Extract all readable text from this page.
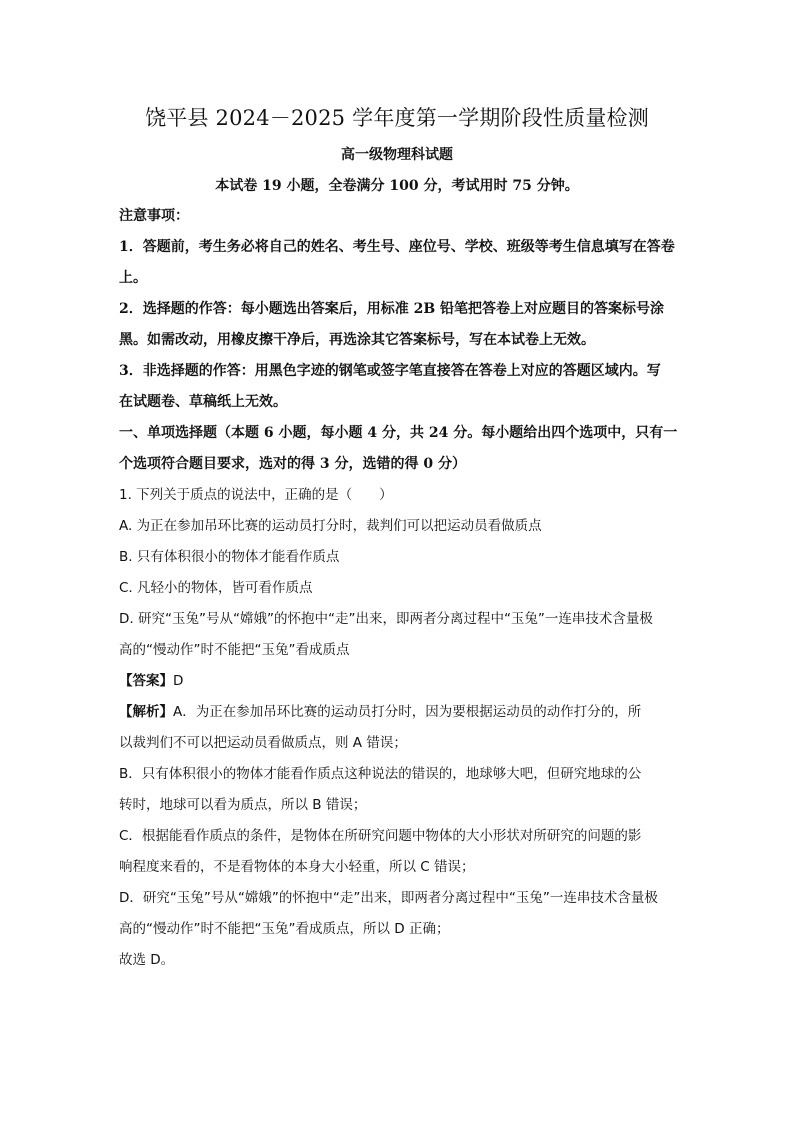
饶平县 2024－2025 学年度第一学期阶段性质量检测
高一级物理科试题
本试卷 19 小题，全卷满分 100 分，考试用时 75 分钟。
注意事项：
1．答题前，考生务必将自己的姓名、考生号、座位号、学校、班级等考生信息填写在答卷
上。
2．选择题的作答：每小题选出答案后，用标准 2B 铅笔把答卷上对应题目的答案标号涂
黑。如需改动，用橡皮擦干净后，再选涂其它答案标号，写在本试卷上无效。
3．非选择题的作答：用黑色字迹的钢笔或签字笔直接答在答卷上对应的答题区域内。写
在试题卷、草稿纸上无效。
一、单项选择题（本题 6 小题，每小题 4 分，共 24 分。每小题给出四个选项中，只有一
个选项符合题目要求，选对的得 3 分，选错的得 0 分）
1. 下列关于质点的说法中，正确的是（　　）
A. 为正在参加吊环比赛的运动员打分时，裁判们可以把运动员看做质点
B. 只有体积很小的物体才能看作质点
C. 凡轻小的物体，皆可看作质点
D. 研究“玉兔”号从“嫦娥”的怀抱中“走”出来，即两者分离过程中“玉兔”一连串技术含量极
高的“慢动作”时不能把“玉兔”看成质点
【答案】D
【解析】A．为正在参加吊环比赛的运动员打分时，因为要根据运动员的动作打分的，所
以裁判们不可以把运动员看做质点，则 A 错误；
B．只有体积很小的物体才能看作质点这种说法的错误的，地球够大吧，但研究地球的公
转时，地球可以看为质点，所以 B 错误；
C．根据能看作质点的条件，是物体在所研究问题中物体的大小形状对所研究的问题的影
响程度来看的，不是看物体的本身大小轻重，所以 C 错误；
D．研究“玉兔”号从“嫦娥”的怀抱中“走”出来，即两者分离过程中“玉兔”一连串技术含量极
高的“慢动作”时不能把“玉兔”看成质点，所以 D 正确；
故选 D。
